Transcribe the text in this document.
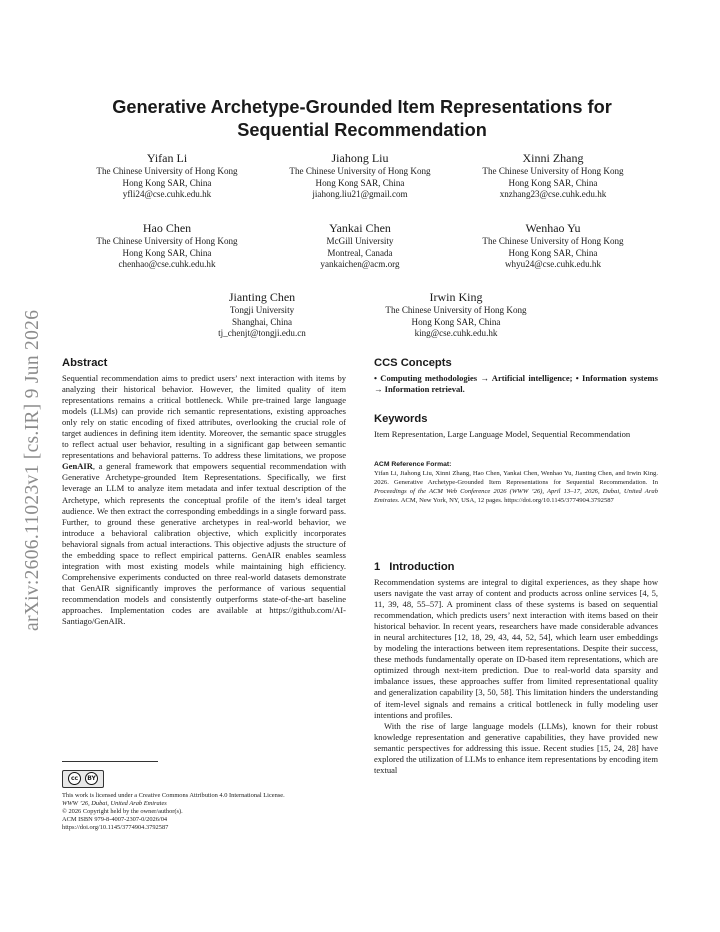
arXiv:2606.11023v1 [cs.IR] 9 Jun 2026
Generative Archetype-Grounded Item Representations for
Sequential Recommendation
Yifan Li
The Chinese University of Hong Kong
Hong Kong SAR, China
yfli24@cse.cuhk.edu.hk
Jiahong Liu
The Chinese University of Hong Kong
Hong Kong SAR, China
jiahong.liu21@gmail.com
Xinni Zhang
The Chinese University of Hong Kong
Hong Kong SAR, China
xnzhang23@cse.cuhk.edu.hk
Hao Chen
The Chinese University of Hong Kong
Hong Kong SAR, China
chenhao@cse.cuhk.edu.hk
Yankai Chen
McGill University
Montreal, Canada
yankaichen@acm.org
Wenhao Yu
The Chinese University of Hong Kong
Hong Kong SAR, China
whyu24@cse.cuhk.edu.hk
Jianting Chen
Tongji University
Shanghai, China
tj_chenjt@tongji.edu.cn
Irwin King
The Chinese University of Hong Kong
Hong Kong SAR, China
king@cse.cuhk.edu.hk
Abstract

Sequential recommendation aims to predict users’ next interaction with items by analyzing their historical behavior. However, the limited quality of item representations remains a critical bottleneck. While pre-trained large language models (LLMs) can provide rich semantic representations, existing approaches only rely on static encoding of fixed attributes, overlooking the crucial role of target audiences in defining item identity. Moreover, the semantic space struggles to reflect actual user behavior, resulting in a significant gap between semantic representations and behavioral patterns. To address these limitations, we propose GenAIR, a general framework that empowers sequential recommendation with Generative Archetype-grounded Item Representations. Specifically, we first leverage an LLM to analyze item metadata and infer textual description of the Archetype, which represents the conceptual profile of the item’s ideal target audience. We then extract the corresponding embeddings in a single forward pass. Further, to ground these generative archetypes in real-world behavior, we introduce a behavioral calibration objective, which explicitly incorporates behavioral signals from actual interactions. This objective adjusts the structure of the embedding space to reflect empirical patterns. GenAIR enables seamless integration with most existing models while maintaining high efficiency. Comprehensive experiments conducted on three real-world datasets demonstrate that GenAIR significantly improves the performance of various sequential recommendation models and consistently outperforms state-of-the-art baseline approaches. Implementation codes are available at https://github.com/AI-Santiago/GenAIR.

cc	BY
This work is licensed under a Creative Commons Attribution 4.0 International License.
WWW ’26, Dubai, United Arab Emirates
© 2026 Copyright held by the owner/author(s).
ACM ISBN 979-8-4007-2307-0/2026/04
https://doi.org/10.1145/3774904.3792587
CCS Concepts

• Computing methodologies → Artificial intelligence; • Information systems → Information retrieval.

Keywords

Item Representation, Large Language Model, Sequential Recommendation

ACM Reference Format:

Yifan Li, Jiahong Liu, Xinni Zhang, Hao Chen, Yankai Chen, Wenhao Yu, Jianting Chen, and Irwin King. 2026. Generative Archetype-Grounded Item Representations for Sequential Recommendation. In Proceedings of the ACM Web Conference 2026 (WWW ’26), April 13–17, 2026, Dubai, United Arab Emirates. ACM, New York, NY, USA, 12 pages. https://doi.org/10.1145/3774904.3792587

1 Introduction

Recommendation systems are integral to digital experiences, as they shape how users navigate the vast array of content and products across online services [4, 5, 11, 39, 48, 55–57]. A prominent class of these systems is based on sequential recommendation, which predicts users’ next interaction with items based on their historical behavior. In recent years, researchers have made considerable advances in neural architectures [12, 18, 29, 43, 44, 52, 54], which learn user embeddings by modeling the interactions between item representations. Despite their success, these methods fundamentally operate on ID-based item representations, which are optimized through next-item prediction. Due to real-world data sparsity and imbalance issues, these approaches suffer from limited representational quality and generalization capability [3, 50, 58]. This limitation hinders the understanding of item-level signals and remains a critical bottleneck in fully modeling user intentions and profiles.

With the rise of large language models (LLMs), known for their robust knowledge representation and generative capabilities, they have provided new semantic perspectives for addressing this issue. Recent studies [15, 24, 28] have explored the utilization of LLMs to enhance item representations by encoding item textual
